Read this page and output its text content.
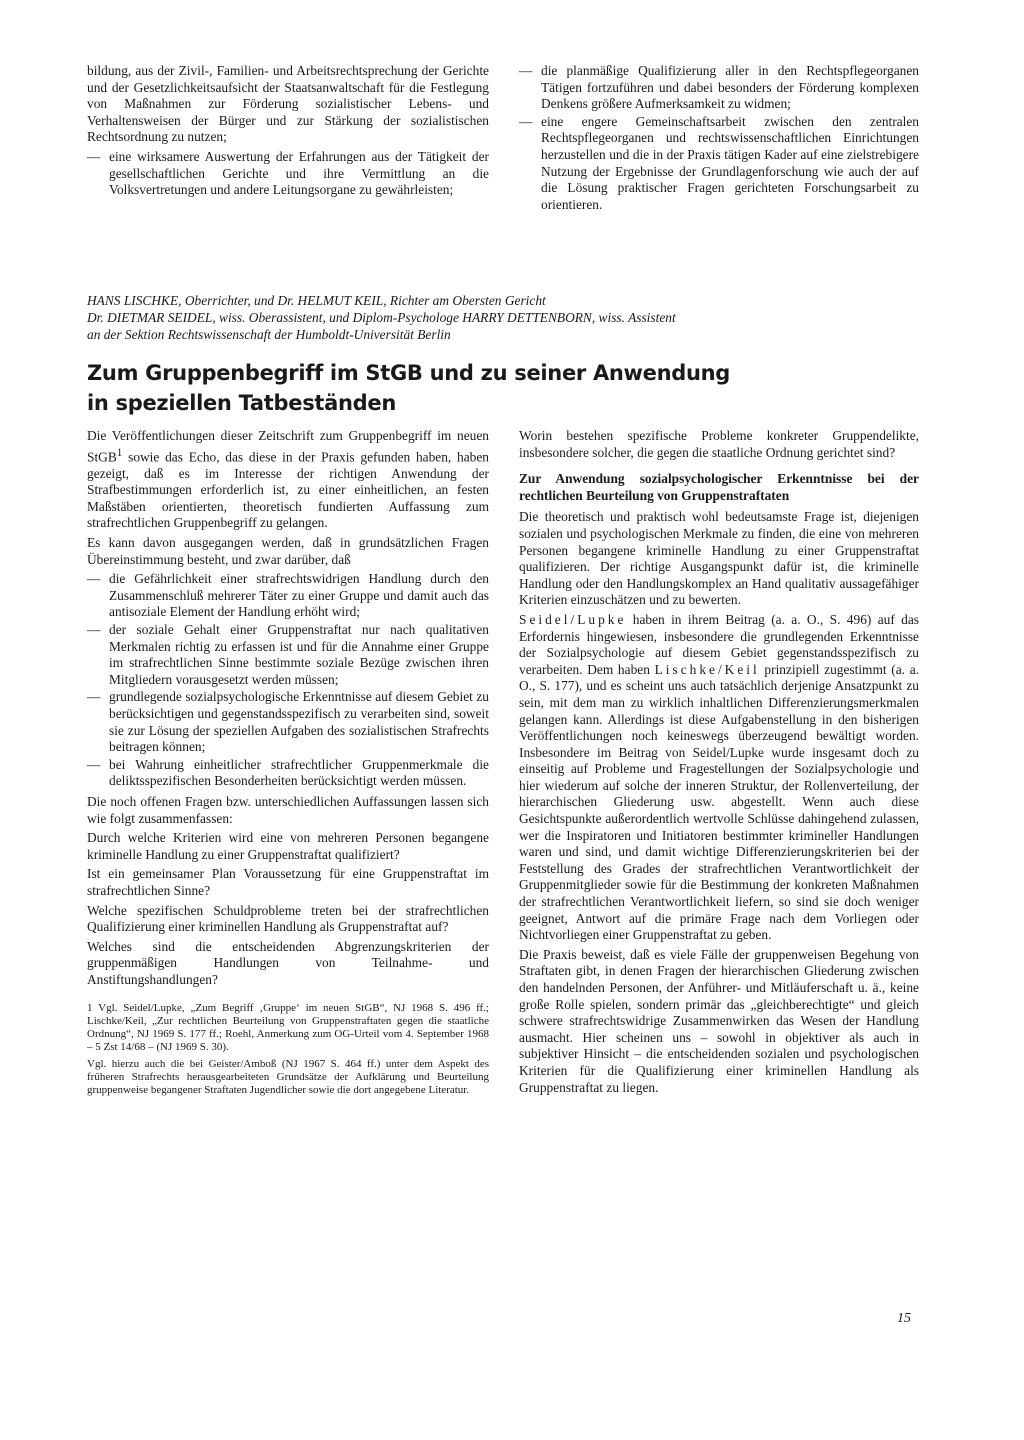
bildung, aus der Zivil-, Familien- und Arbeitsrechtsprechung der Gerichte und der Gesetzlichkeitsaufsicht der Staatsanwaltschaft für die Festlegung von Maßnahmen zur Förderung sozialistischer Lebens- und Verhaltensweisen der Bürger und zur Stärkung der sozialistischen Rechtsordnung zu nutzen;

— eine wirksamere Auswertung der Erfahrungen aus der Tätigkeit der gesellschaftlichen Gerichte und ihre Vermittlung an die Volksvertretungen und andere Leitungsorgane zu gewährleisten;
— die planmäßige Qualifizierung aller in den Rechtspflegeorganen Tätigen fortzuführen und dabei besonders der Förderung komplexen Denkens größere Aufmerksamkeit zu widmen;
— eine engere Gemeinschaftsarbeit zwischen den zentralen Rechtspflegeorganen und rechtswissenschaftlichen Einrichtungen herzustellen und die in der Praxis tätigen Kader auf eine zielstrebigere Nutzung der Ergebnisse der Grundlagenforschung wie auch der auf die Lösung praktischer Fragen gerichteten Forschungsarbeit zu orientieren.
HANS LISCHKE, Oberrichter, und Dr. HELMUT KEIL, Richter am Obersten Gericht
Dr. DIETMAR SEIDEL, wiss. Oberassistent, und Diplom-Psychologe HARRY DETTENBORN, wiss. Assistent
an der Sektion Rechtswissenschaft der Humboldt-Universität Berlin
Zum Gruppenbegriff im StGB und zu seiner Anwendung
in speziellen Tatbeständen

Die Veröffentlichungen dieser Zeitschrift zum Gruppenbegriff im neuen StGB$^1$ sowie das Echo, das diese in der Praxis gefunden haben, haben gezeigt, daß es im Interesse der richtigen Anwendung der Strafbestimmungen erforderlich ist, zu einer einheitlichen, an festen Maßstäben orientierten, theoretisch fundierten Auffassung zum strafrechtlichen Gruppenbegriff zu gelangen.

Es kann davon ausgegangen werden, daß in grundsätzlichen Fragen Übereinstimmung besteht, und zwar darüber, daß

— die Gefährlichkeit einer strafrechtswidrigen Handlung durch den Zusammenschluß mehrerer Täter zu einer Gruppe und damit auch das antisoziale Element der Handlung erhöht wird;
— der soziale Gehalt einer Gruppenstraftat nur nach qualitativen Merkmalen richtig zu erfassen ist und für die Annahme einer Gruppe im strafrechtlichen Sinne bestimmte soziale Bezüge zwischen ihren Mitgliedern vorausgesetzt werden müssen;
— grundlegende sozialpsychologische Erkenntnisse auf diesem Gebiet zu berücksichtigen und gegenstandsspezifisch zu verarbeiten sind, soweit sie zur Lösung der speziellen Aufgaben des sozialistischen Strafrechts beitragen können;
— bei Wahrung einheitlicher strafrechtlicher Gruppenmerkmale die deliktsspezifischen Besonderheiten berücksichtigt werden müssen.

Die noch offenen Fragen bzw. unterschiedlichen Auffassungen lassen sich wie folgt zusammenfassen:

Durch welche Kriterien wird eine von mehreren Personen begangene kriminelle Handlung zu einer Gruppenstraftat qualifiziert?

Ist ein gemeinsamer Plan Voraussetzung für eine Gruppenstraftat im strafrechtlichen Sinne?

Welche spezifischen Schuldprobleme treten bei der strafrechtlichen Qualifizierung einer kriminellen Handlung als Gruppenstraftat auf?

Welches sind die entscheidenden Abgrenzungskriterien der gruppenmäßigen Handlungen von Teilnahme- und Anstiftungshandlungen?

1 Vgl. Seidel/Lupke, „Zum Begriff ‚Gruppe‘ im neuen StGB“, NJ 1968 S. 496 ff.; Lischke/Keil, „Zur rechtlichen Beurteilung von Gruppenstraftaten gegen die staatliche Ordnung“, NJ 1969 S. 177 ff.; Roehl, Anmerkung zum OG-Urteil vom 4. September 1968 – 5 Zst 14/68 – (NJ 1969 S. 30).

Vgl. hierzu auch die bei Geister/Amboß (NJ 1967 S. 464 ff.) unter dem Aspekt des früheren Strafrechts herausgearbeiteten Grundsätze der Aufklärung und Beurteilung gruppenweise begangener Straftaten Jugendlicher sowie die dort angegebene Literatur.

Worin bestehen spezifische Probleme konkreter Gruppendelikte, insbesondere solcher, die gegen die staatliche Ordnung gerichtet sind?

Zur Anwendung sozialpsychologischer Erkenntnisse bei der rechtlichen Beurteilung von Gruppenstraftaten

Die theoretisch und praktisch wohl bedeutsamste Frage ist, diejenigen sozialen und psychologischen Merkmale zu finden, die eine von mehreren Personen begangene kriminelle Handlung zu einer Gruppenstraftat qualifizieren. Der richtige Ausgangspunkt dafür ist, die kriminelle Handlung oder den Handlungskomplex an Hand qualitativ aussagefähiger Kriterien einzuschätzen und zu bewerten.

Seidel/Lupke haben in ihrem Beitrag (a. a. O., S. 496) auf das Erfordernis hingewiesen, insbesondere die grundlegenden Erkenntnisse der Sozialpsychologie auf diesem Gebiet gegenstandsspezifisch zu verarbeiten. Dem haben Lischke/Keil prinzipiell zugestimmt (a. a. O., S. 177), und es scheint uns auch tatsächlich derjenige Ansatzpunkt zu sein, mit dem man zu wirklich inhaltlichen Differenzierungsmerkmalen gelangen kann. Allerdings ist diese Aufgabenstellung in den bisherigen Veröffentlichungen noch keineswegs überzeugend bewältigt worden. Insbesondere im Beitrag von Seidel/Lupke wurde insgesamt doch zu einseitig auf Probleme und Fragestellungen der Sozialpsychologie und hier wiederum auf solche der inneren Struktur, der Rollenverteilung, der hierarchischen Gliederung usw. abgestellt. Wenn auch diese Gesichtspunkte außerordentlich wertvolle Schlüsse dahingehend zulassen, wer die Inspiratoren und Initiatoren bestimmter krimineller Handlungen waren und sind, und damit wichtige Differenzierungskriterien bei der Feststellung des Grades der strafrechtlichen Verantwortlichkeit der Gruppenmitglieder sowie für die Bestimmung der konkreten Maßnahmen der strafrechtlichen Verantwortlichkeit liefern, so sind sie doch weniger geeignet, Antwort auf die primäre Frage nach dem Vorliegen oder Nichtvorliegen einer Gruppenstraftat zu geben.

Die Praxis beweist, daß es viele Fälle der gruppenweisen Begehung von Straftaten gibt, in denen Fragen der hierarchischen Gliederung zwischen den handelnden Personen, der Anführer- und Mitläuferschaft u. ä., keine große Rolle spielen, sondern primär das „gleichberechtigte“ und gleich schwere strafrechtswidrige Zusammenwirken das Wesen der Handlung ausmacht. Hier scheinen uns – sowohl in objektiver als auch in subjektiver Hinsicht – die entscheidenden sozialen und psychologischen Kriterien für die Qualifizierung einer kriminellen Handlung als Gruppenstraftat zu liegen.

15
